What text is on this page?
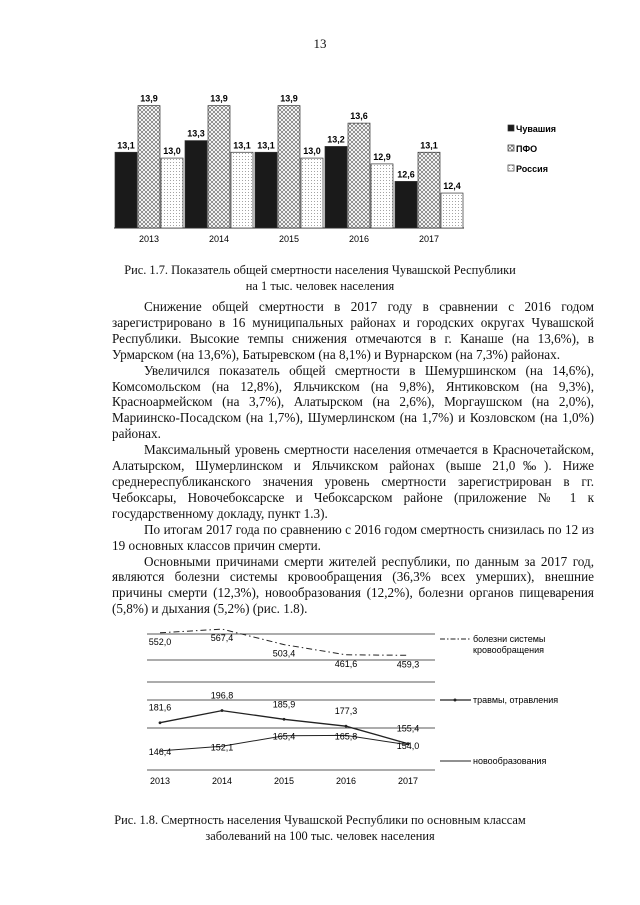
13
13,1
13,9
13,0
2013
13,3
13,9
13,1
2014
13,1
13,9
13,0
2015
13,2
13,6
12,9
2016
12,6
13,1
12,4
2017
Чувашия
ПФО
Россия
Рис. 1.7. Показатель общей смертности населения Чувашской Республики
на 1 тыс. человек населения

Снижение общей смертности в 2017 году в сравнении с 2016 годом зарегистрировано в 16 муниципальных районах и городских округах Чувашской Республики. Высокие темпы снижения отмечаются в г. Канаше (на 13,6%), в Урмарском (на 13,6%), Батыревском (на 8,1%) и Вурнарском (на 7,3%) районах.

Увеличился показатель общей смертности в Шемуршинском (на 14,6%), Комсомольском (на 12,8%), Яльчикском (на 9,8%), Янтиковском (на 9,3%), Красноармейском (на 3,7%), Алатырском (на 2,6%), Моргаушском (на 2,0%), Мариинско-Посадском (на 1,7%), Шумерлинском (на 1,7%) и Козловском (на 1,0%) районах.

Максимальный уровень смертности населения отмечается в Красночетайском, Алатырском, Шумерлинском и Яльчикском районах (выше 21,0‰). Ниже среднереспубликанского значения уровень смертности зарегистрирован в гг. Чебоксары, Новочебоксарске и Чебоксарском районе (приложение № 1 к государственному докладу, пункт 1.3).

По итогам 2017 года по сравнению с 2016 годом смертность снизилась по 12 из 19 основных классов причин смерти.

Основными причинами смерти жителей республики, по данным за 2017 год, являются болезни системы кровообращения (36,3% всех умерших), внешние причины смерти (12,3%), новообразования (12,2%), болезни органов пищеварения (5,8%) и дыхания (5,2%) (рис. 1.8).

552,0	567,4
503,4
461,6	459,3
181,6
196,8
185,9
177,3
155,4
146,4	152,1
165,4	165,8
154,0
2013	2014	2015	2016	2017
болезни системы
кровообращения
травмы, отравления
новообразования
Рис. 1.8. Смертность населения Чувашской Республики по основным классам
заболеваний на 100 тыс. человек населения
